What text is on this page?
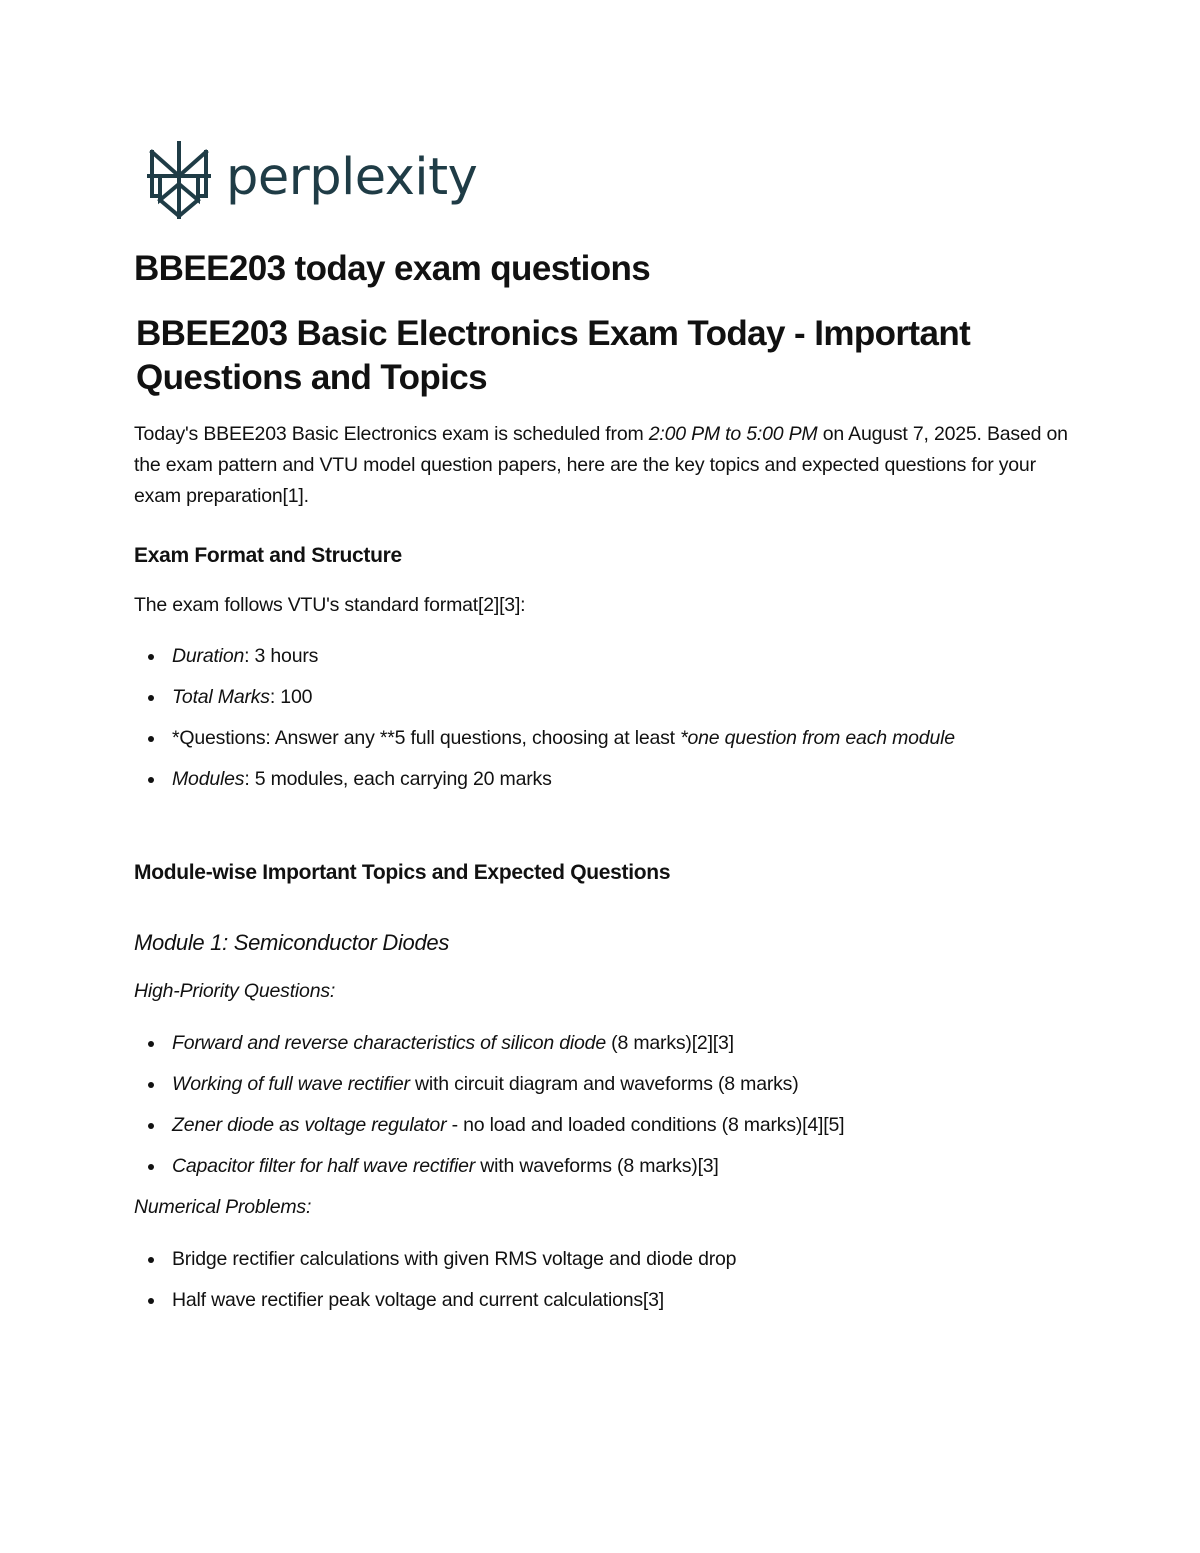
perplexity
BBEE203 today exam questions
BBEE203 Basic Electronics Exam Today - Important Questions and Topics

Today's BBEE203 Basic Electronics exam is scheduled from 2:00 PM to 5:00 PM on August 7, 2025. Based on the exam pattern and VTU model question papers, here are the key topics and expected questions for your exam preparation[1].

Exam Format and Structure

The exam follows VTU's standard format[2][3]:

Duration: 3 hours
Total Marks: 100
*Questions: Answer any **5 full questions, choosing at least *one question from each module
Modules: 5 modules, each carrying 20 marks
Module-wise Important Topics and Expected Questions
Module 1: Semiconductor Diodes

High-Priority Questions:

Forward and reverse characteristics of silicon diode (8 marks)[2][3]
Working of full wave rectifier with circuit diagram and waveforms (8 marks)
Zener diode as voltage regulator - no load and loaded conditions (8 marks)[4][5]
Capacitor filter for half wave rectifier with waveforms (8 marks)[3]

Numerical Problems:

Bridge rectifier calculations with given RMS voltage and diode drop
Half wave rectifier peak voltage and current calculations[3]
